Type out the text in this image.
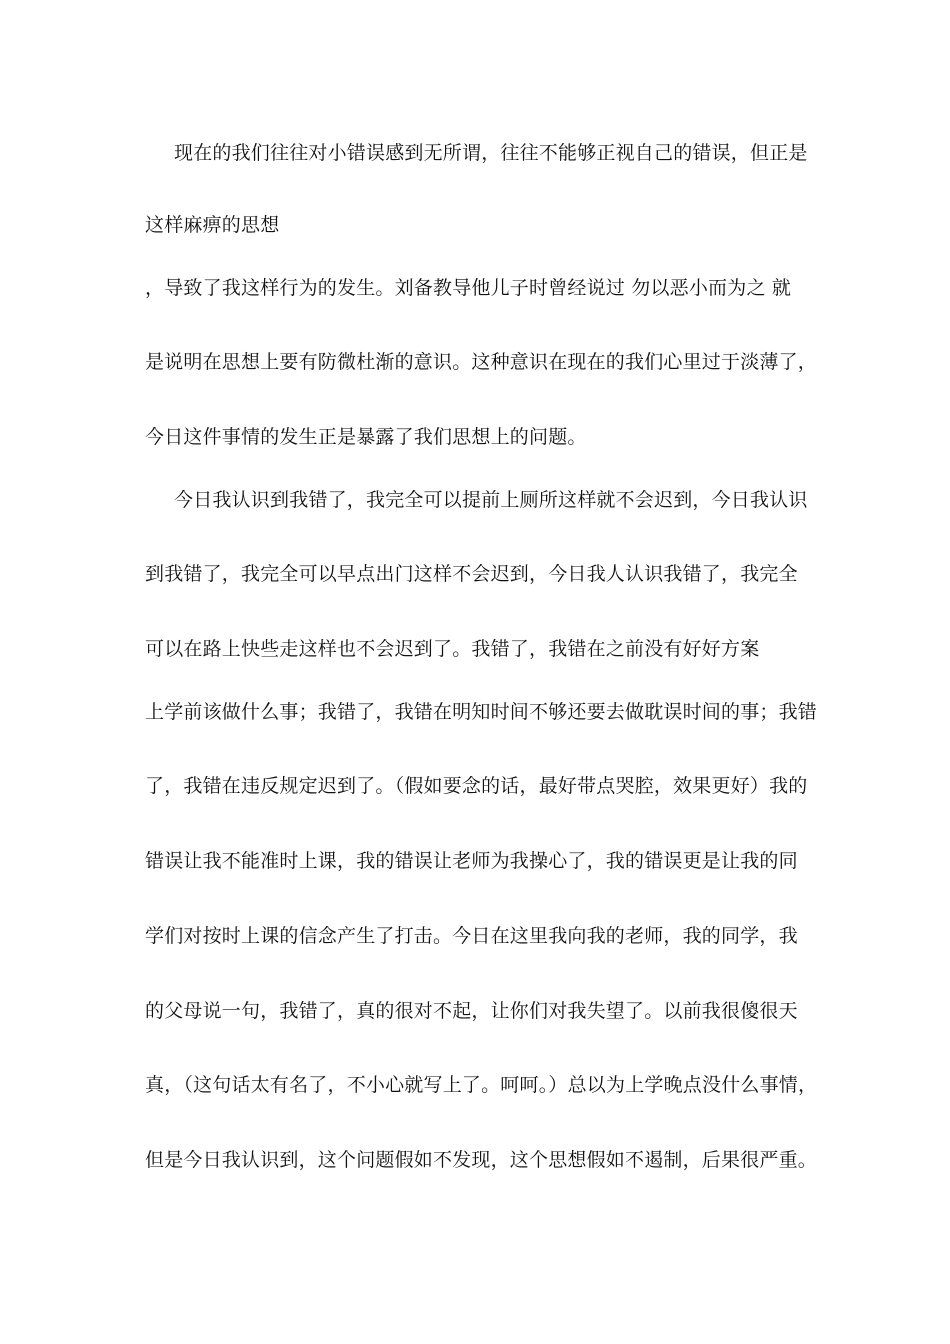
现在的我们往往对小错误感到无所谓，往往不能够正视自己的错误，但正是
这样麻痹的思想
，导致了我这样行为的发生。刘备教导他儿子时曾经说过 勿以恶小而为之 就
是说明在思想上要有防微杜渐的意识。这种意识在现在的我们心里过于淡薄了，
今日这件事情的发生正是暴露了我们思想上的问题。
今日我认识到我错了，我完全可以提前上厕所这样就不会迟到，今日我认识
到我错了，我完全可以早点出门这样不会迟到，今日我人认识我错了，我完全
可以在路上快些走这样也不会迟到了。我错了，我错在之前没有好好方案
上学前该做什么事；我错了，我错在明知时间不够还要去做耽误时间的事；我错
了，我错在违反规定迟到了。（假如要念的话，最好带点哭腔，效果更好）我的
错误让我不能准时上课，我的错误让老师为我操心了，我的错误更是让我的同
学们对按时上课的信念产生了打击。今日在这里我向我的老师，我的同学，我
的父母说一句，我错了，真的很对不起，让你们对我失望了。以前我很傻很天
真，（这句话太有名了，不小心就写上了。呵呵。）总以为上学晚点没什么事情，
但是今日我认识到，这个问题假如不发现，这个思想假如不遏制，后果很严重。
